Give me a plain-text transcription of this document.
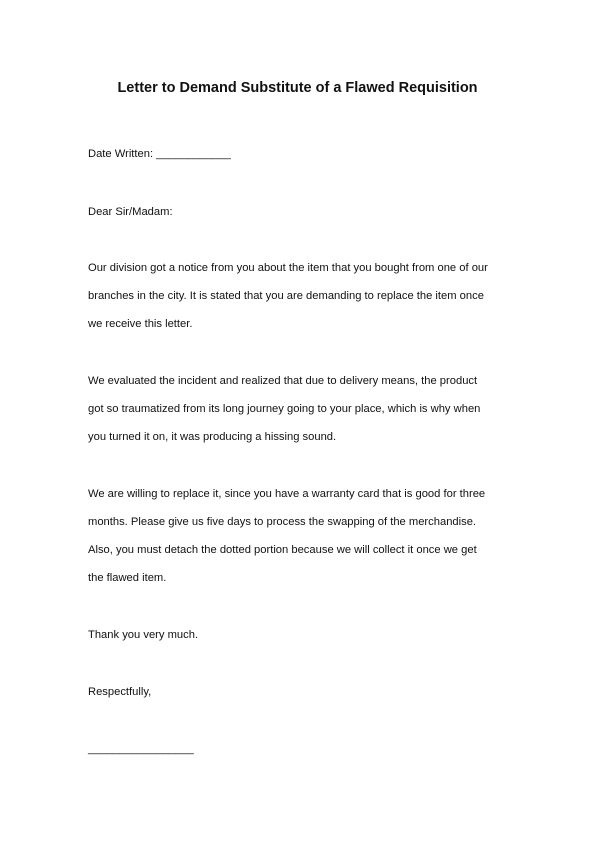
Letter to Demand Substitute of a Flawed Requisition

Date Written: ____________

Dear Sir/Madam:

Our division got a notice from you about the item that you bought from one of our

branches in the city. It is stated that you are demanding to replace the item once

we receive this letter.

We evaluated the incident and realized that due to delivery means, the product

got so traumatized from its long journey going to your place, which is why when

you turned it on, it was producing a hissing sound.

We are willing to replace it, since you have a warranty card that is good for three

months. Please give us five days to process the swapping of the merchandise.

Also, you must detach the dotted portion because we will collect it once we get

the flawed item.

Thank you very much.

Respectfully,

_________________
